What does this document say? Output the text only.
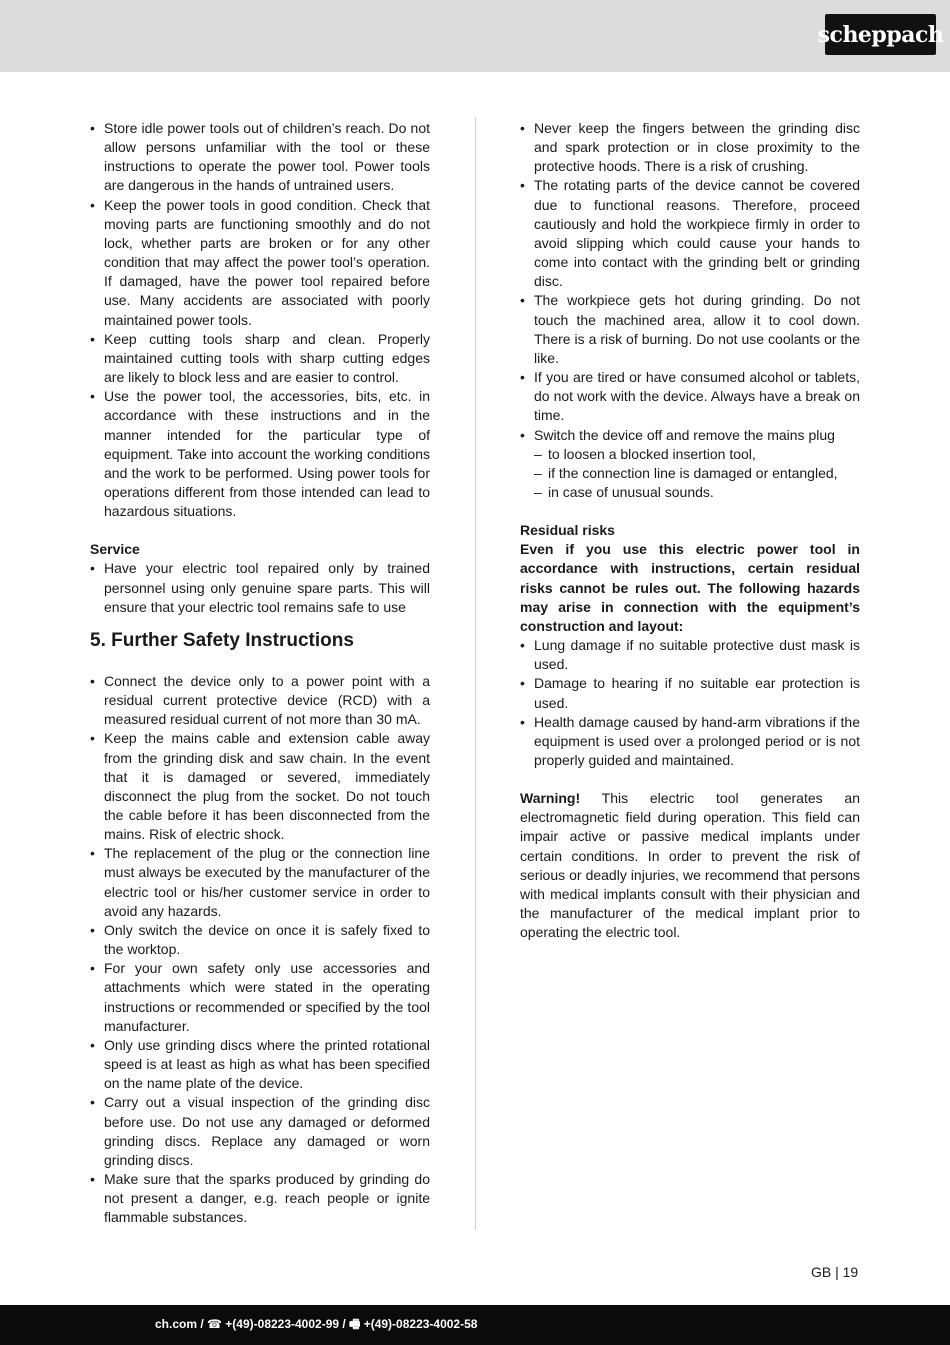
scheppach
• Store idle power tools out of children’s reach. Do not allow persons unfamiliar with the tool or these instructions to operate the power tool. Power tools are dangerous in the hands of untrained users.
• Keep the power tools in good condition. Check that moving parts are functioning smoothly and do not lock, whether parts are broken or for any other condition that may affect the power tool’s operation. If damaged, have the power tool repaired before use. Many accidents are associated with poorly maintained power tools.
• Keep cutting tools sharp and clean. Properly maintained cutting tools with sharp cutting edges are likely to block less and are easier to control.
• Use the power tool, the accessories, bits, etc. in accordance with these instructions and in the manner intended for the particular type of equipment. Take into account the working conditions and the work to be performed. Using power tools for operations different from those intended can lead to hazardous situations.
Service
• Have your electric tool repaired only by trained personnel using only genuine spare parts. This will ensure that your electric tool remains safe to use
5. Further Safety Instructions
• Connect the device only to a power point with a residual current protective device (RCD) with a measured residual current of not more than 30 mA.
• Keep the mains cable and extension cable away from the grinding disk and saw chain. In the event that it is damaged or severed, immediately disconnect the plug from the socket. Do not touch the cable before it has been disconnected from the mains. Risk of electric shock.
• The replacement of the plug or the connection line must always be executed by the manufacturer of the electric tool or his/her customer service in order to avoid any hazards.
• Only switch the device on once it is safely fixed to the worktop.
• For your own safety only use accessories and attachments which were stated in the operating instructions or recommended or specified by the tool manufacturer.
• Only use grinding discs where the printed rotational speed is at least as high as what has been specified on the name plate of the device.
• Carry out a visual inspection of the grinding disc before use. Do not use any damaged or deformed grinding discs. Replace any damaged or worn grinding discs.
• Make sure that the sparks produced by grinding do not present a danger, e.g. reach people or ignite flammable substances.
• Never keep the fingers between the grinding disc and spark protection or in close proximity to the protective hoods. There is a risk of crushing.
• The rotating parts of the device cannot be covered due to functional reasons. Therefore, proceed cautiously and hold the workpiece firmly in order to avoid slipping which could cause your hands to come into contact with the grinding belt or grinding disc.
• The workpiece gets hot during grinding. Do not touch the machined area, allow it to cool down. There is a risk of burning. Do not use coolants or the like.
• If you are tired or have consumed alcohol or tablets, do not work with the device. Always have a break on time.
• Switch the device off and remove the mains plug
– to loosen a blocked insertion tool,
– if the connection line is damaged or entangled,
– in case of unusual sounds.
Residual risks
Even if you use this electric power tool in accordance with instructions, certain residual risks cannot be rules out. The following hazards may arise in connection with the equipment’s construction and layout:
• Lung damage if no suitable protective dust mask is used.
• Damage to hearing if no suitable ear protection is used.
• Health damage caused by hand-arm vibrations if the equipment is used over a prolonged period or is not properly guided and maintained.
Warning! This electric tool generates an electromagnetic field during operation. This field can impair active or passive medical implants under certain conditions. In order to prevent the risk of serious or deadly injuries, we recommend that persons with medical implants consult with their physician and the manufacturer of the medical implant prior to operating the electric tool.
GB | 19
ch.com / ☎ +(49)-08223-4002-99 / 🖷 +(49)-08223-4002-58
